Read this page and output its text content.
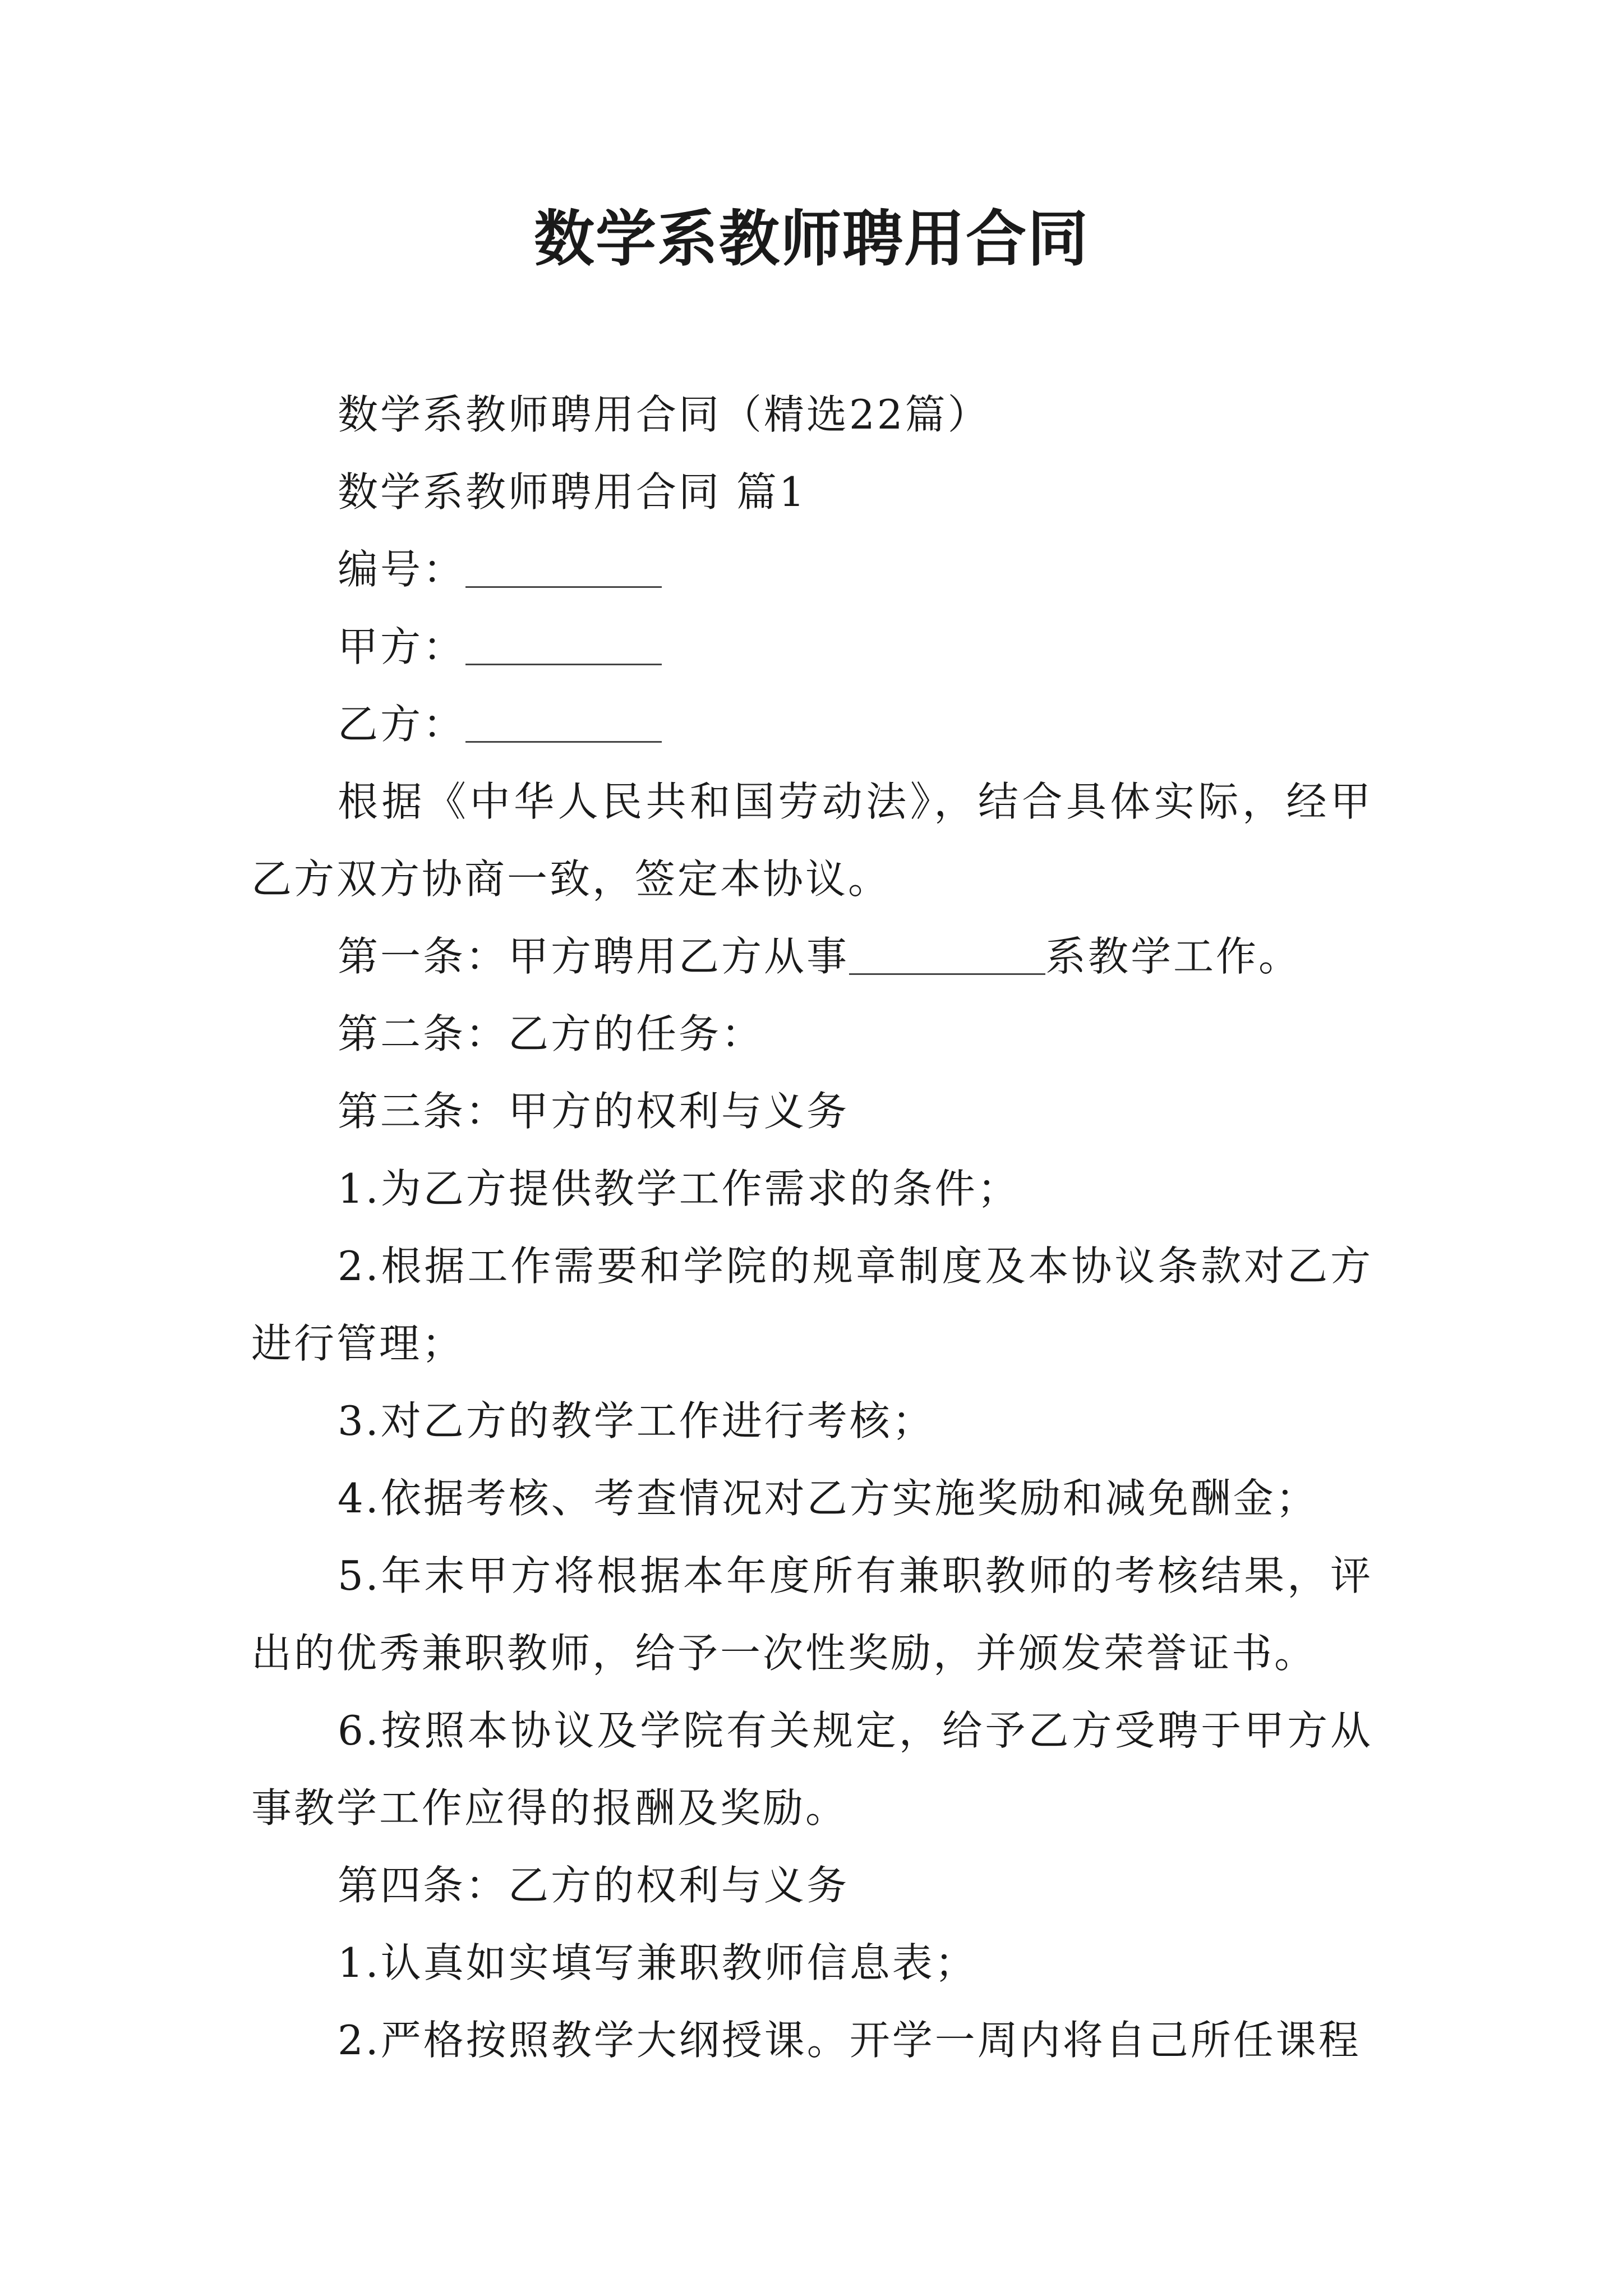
数学系教师聘用合同

数学系教师聘用合同（精选22篇）

数学系教师聘用合同 篇1

编号：

甲方：

乙方：

根据《中华人民共和国劳动法》，结合具体实际，经甲乙方双方协商一致，签定本协议。

第一条：甲方聘用乙方从事	系教学工作。

第二条：乙方的任务：

第三条：甲方的权利与义务

1.为乙方提供教学工作需求的条件；

2.根据工作需要和学院的规章制度及本协议条款对乙方进行管理；

3.对乙方的教学工作进行考核；

4.依据考核、考查情况对乙方实施奖励和减免酬金；

5.年末甲方将根据本年度所有兼职教师的考核结果，评出的优秀兼职教师，给予一次性奖励，并颁发荣誉证书。

6.按照本协议及学院有关规定，给予乙方受聘于甲方从事教学工作应得的报酬及奖励。

第四条：乙方的权利与义务

1.认真如实填写兼职教师信息表；

2.严格按照教学大纲授课。开学一周内将自己所任课程
